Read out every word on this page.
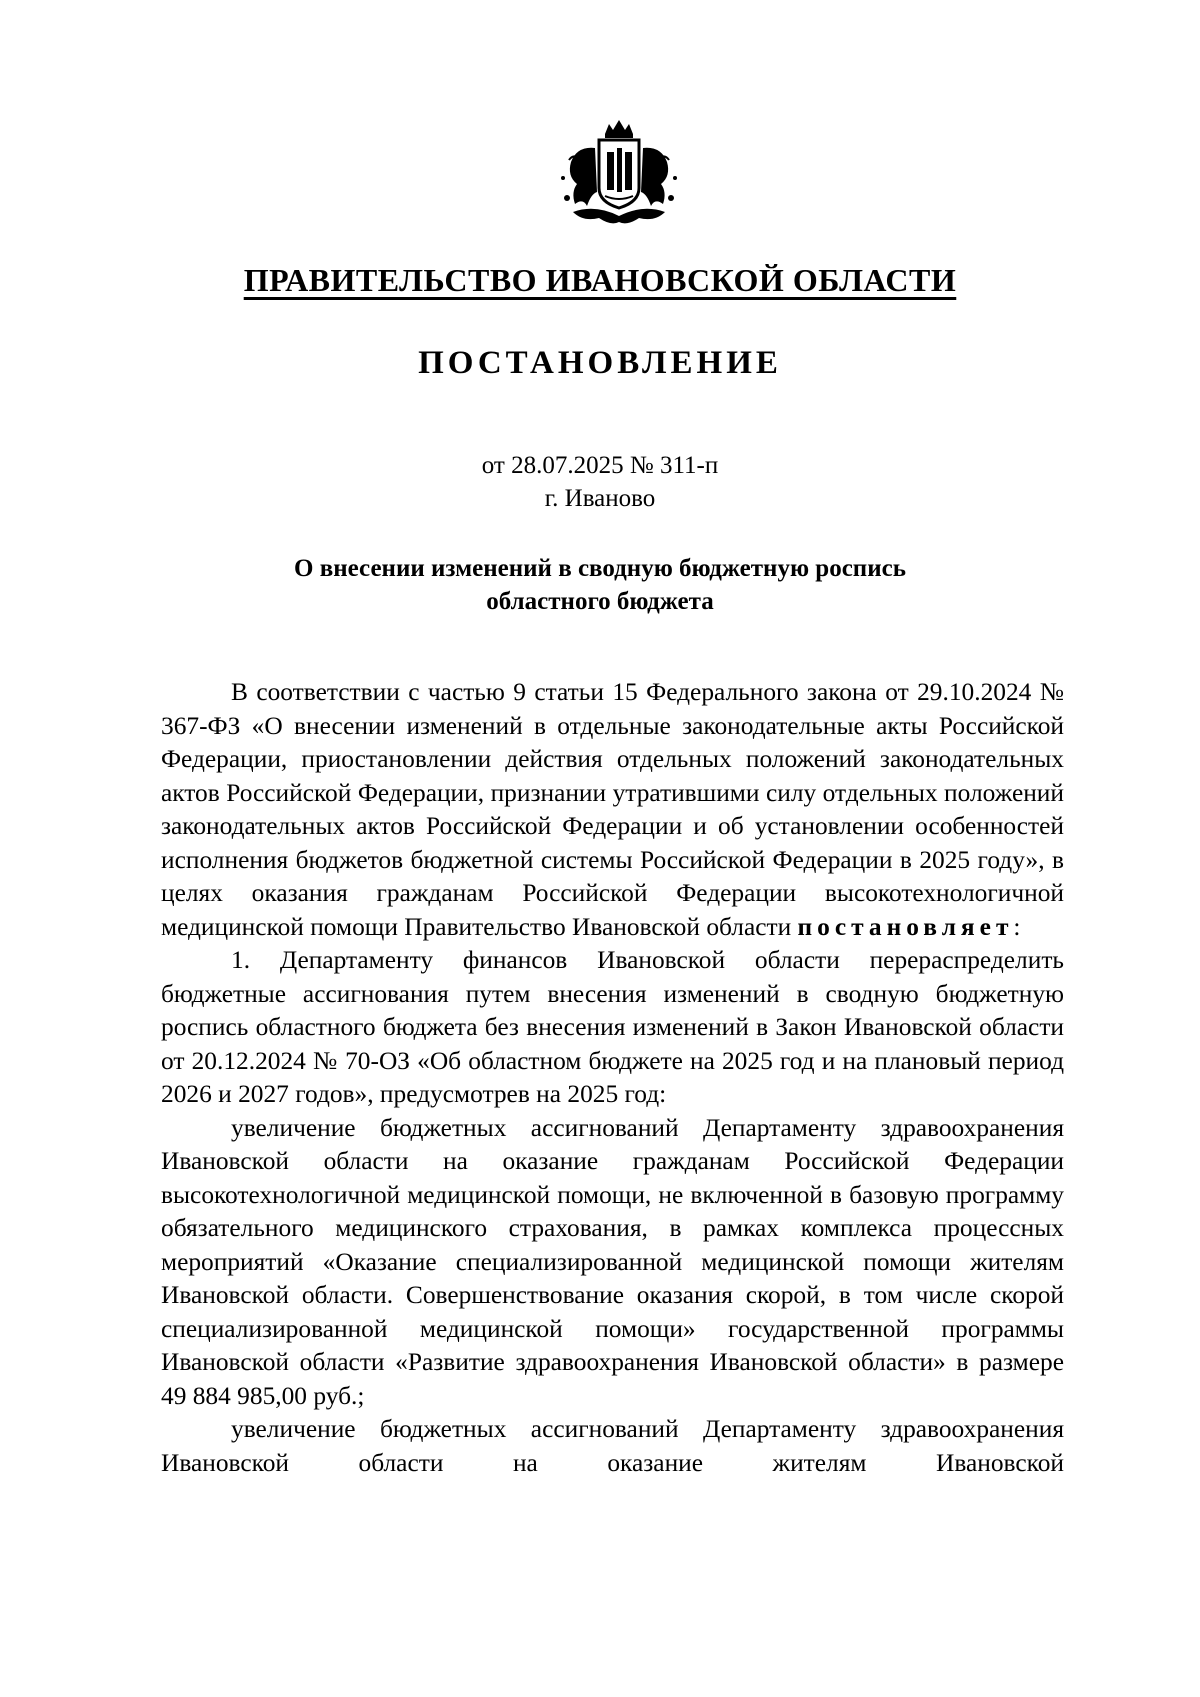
ПРАВИТЕЛЬСТВО ИВАНОВСКОЙ ОБЛАСТИ
ПОСТАНОВЛЕНИЕ

от 28.07.2025 № 311-п

г. Иваново

О внесении изменений в сводную бюджетную роспись

областного бюджета

В соответствии с частью 9 статьи 15 Федерального закона от 29.10.2024 № 367-ФЗ «О внесении изменений в отдельные законодательные акты Российской Федерации, приостановлении действия отдельных положений законодательных актов Российской Федерации, признании утратившими силу отдельных положений законодательных актов Российской Федерации и об установлении особенностей исполнения бюджетов бюджетной системы Российской Федерации в 2025 году», в целях оказания гражданам Российской Федерации высокотехнологичной медицинской помощи Правительство Ивановской области постановляет:

1. Департаменту финансов Ивановской области перераспределить бюджетные ассигнования путем внесения изменений в сводную бюджетную роспись областного бюджета без внесения изменений в Закон Ивановской области от 20.12.2024 № 70-ОЗ «Об областном бюджете на 2025 год и на плановый период 2026 и 2027 годов», предусмотрев на 2025 год:

увеличение бюджетных ассигнований Департаменту здравоохранения Ивановской области на оказание гражданам Российской Федерации высокотехнологичной медицинской помощи, не включенной в базовую программу обязательного медицинского страхования, в рамках комплекса процессных мероприятий «Оказание специализированной медицинской помощи жителям Ивановской области. Совершенствование оказания скорой, в том числе скорой специализированной медицинской помощи» государственной программы Ивановской области «Развитие здравоохранения Ивановской области» в размере 49 884 985,00 руб.;

увеличение бюджетных ассигнований Департаменту здравоохранения Ивановской области на оказание жителям Ивановской
